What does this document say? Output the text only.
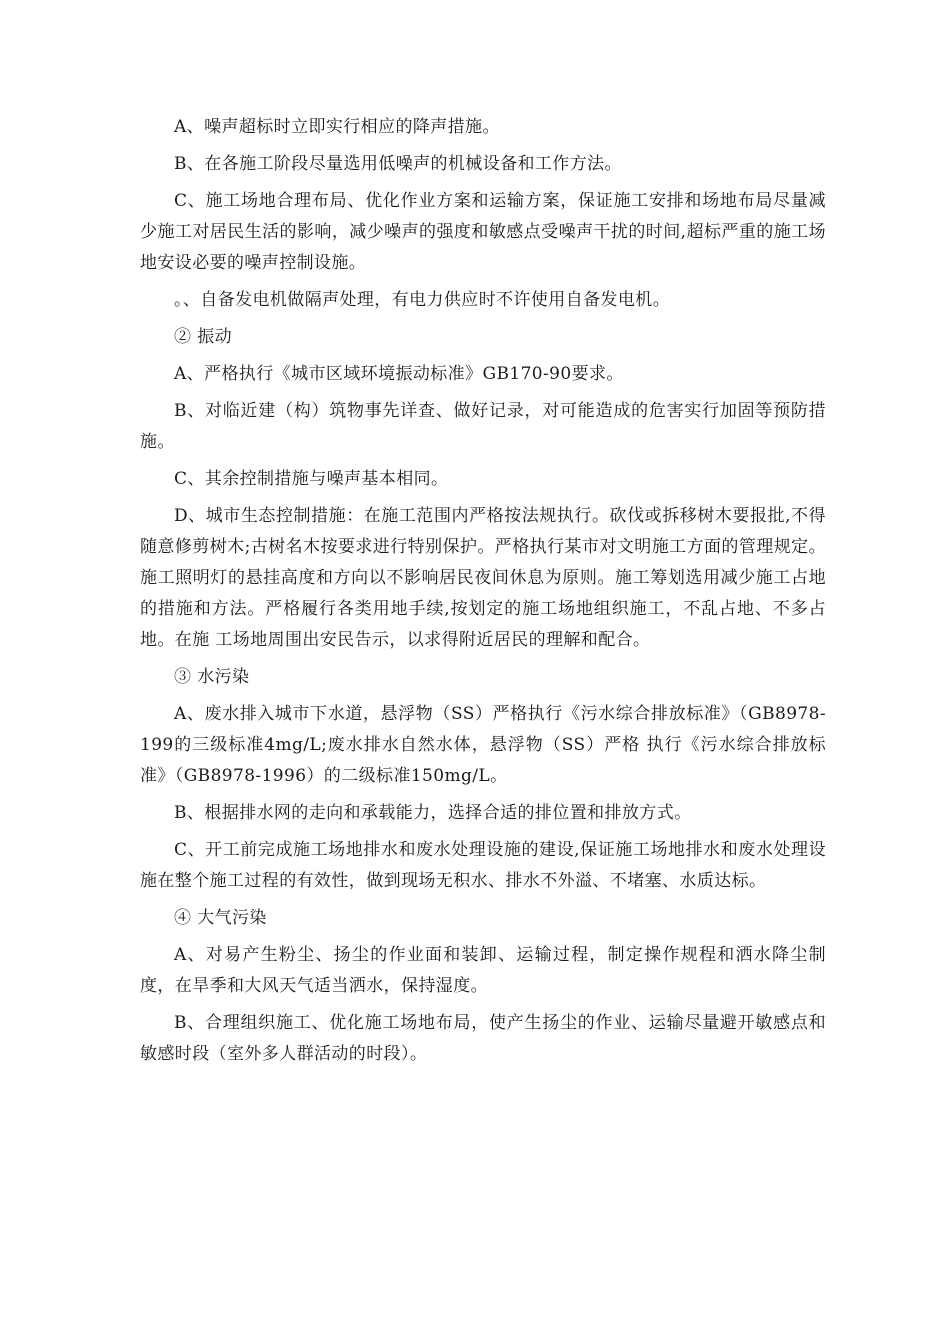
A、噪声超标时立即实行相应的降声措施。

B、在各施工阶段尽量选用低噪声的机械设备和工作方法。

C、施工场地合理布局、优化作业方案和运输方案，保证施工安排和场地布局尽量减少施工对居民生活的影响，减少噪声的强度和敏感点受噪声干扰的时间,超标严重的施工场地安设必要的噪声控制设施。

。、自备发电机做隔声处理，有电力供应时不许使用自备发电机。

② 振动

A、严格执行《城市区域环境振动标准》GB170-90要求。

B、对临近建（构）筑物事先详查、做好记录，对可能造成的危害实行加固等预防措施。

C、其余控制措施与噪声基本相同。

D、城市生态控制措施：在施工范围内严格按法规执行。砍伐或拆移树木要报批,不得随意修剪树木;古树名木按要求进行特别保护。严格执行某市对文明施工方面的管理规定。施工照明灯的悬挂高度和方向以不影响居民夜间休息为原则。施工筹划选用减少施工占地的措施和方法。严格履行各类用地手续,按划定的施工场地组织施工，不乱占地、不多占地。在施 工场地周围出安民告示，以求得附近居民的理解和配合。

③ 水污染

A、废水排入城市下水道，悬浮物（SS）严格执行《污水综合排放标准》（GB8978-199的三级标准4mg/L;废水排水自然水体，悬浮物（SS）严格 执行《污水综合排放标准》（GB8978-1996）的二级标准150mg/L。

B、根据排水网的走向和承载能力，选择合适的排位置和排放方式。

C、开工前完成施工场地排水和废水处理设施的建设,保证施工场地排水和废水处理设施在整个施工过程的有效性，做到现场无积水、排水不外溢、不堵塞、水质达标。

④ 大气污染

A、对易产生粉尘、扬尘的作业面和装卸、运输过程，制定操作规程和洒水降尘制度，在旱季和大风天气适当洒水，保持湿度。

B、合理组织施工、优化施工场地布局，使产生扬尘的作业、运输尽量避开敏感点和敏感时段（室外多人群活动的时段）。
